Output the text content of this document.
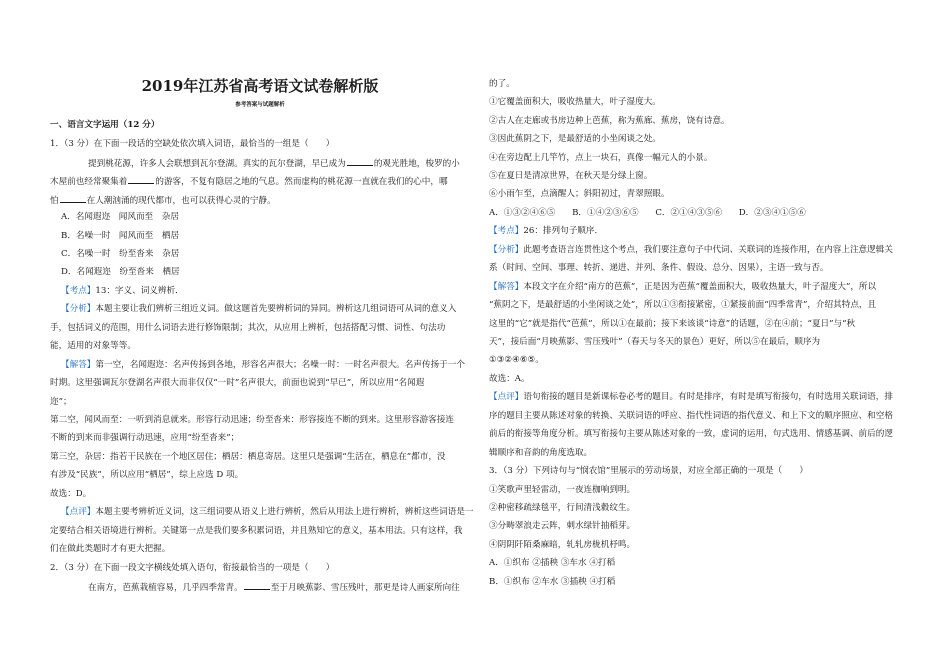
2019年江苏省高考语文试卷解析版
参考答案与试题解析
一、语言文字运用（12 分）
1．（3 分）在下面一段话的空缺处依次填入词语，最恰当的一组是（　　）
提到桃花源，许多人会联想到瓦尔登湖。真实的瓦尔登湖，早已成为	的观光胜地，梭罗的小
木屋前也经常聚集着	的游客，不复有隐居之地的气息。然而虚构的桃花源一直就在我们的心中，哪
怕	在人潮汹涌的现代都市，也可以获得心灵的宁静。
A．名闻遐迩　闻风而至　杂居
B．名噪一时　闻风而至　栖居
C．名噪一时　纷至沓来　杂居
D．名闻遐迩　纷至沓来　栖居
【考点】13：字义、词义辨析．
【分析】本题主要让我们辨析三组近义词。做这题首先要辨析词的异同。辨析这几组词语可从词的意义入
手，包括词义的范围，用什么词语去进行修饰限制；其次，从应用上辨析，包括搭配习惯、词性、句法功
能，适用的对象等等。
【解答】第一空，名闻遐迩：名声传扬到各地，形容名声很大；名噪一时：一时名声很大。名声传扬于一个
时期。这里强调瓦尔登湖名声很大而非仅仅“一时”名声很大，前面也说到“早已”，所以应用“名闻遐
迩”；
第二空，闻风而至：一听到消息就来。形容行动迅速；纷至沓来：形容接连不断的到来。这里形容游客接连
不断的到来而非强调行动迅速，应用“纷至沓来”；
第三空，杂居：指若干民族在一个地区居住；栖居：栖息寄居。这里只是强调“生活在，栖息在”都市，没
有涉及“民族”，所以应用“栖居”，综上应选 D 项。
故选：D。
【点评】本题主要考辨析近义词，这三组词要从语义上进行辨析，然后从用法上进行辨析，辨析这些词语是一
定要结合相关语境进行辨析。关键第一点是我们要多积累词语，并且熟知它的意义，基本用法。只有这样，我
们在做此类题时才有更大把握。
2．（3 分）在下面一段文字横线处填入语句，衔接最恰当的一项是（　　）
在南方，芭蕉栽植容易，几乎四季常青。	至于月映蕉影、雪压残叶，那更是诗人画家所向往
的了。
①它覆盖面积大，吸收热量大，叶子湿度大。
②古人在走廊或书房边种上芭蕉，称为蕉廊、蕉房，饶有诗意。
③因此蕉阴之下，是最舒适的小坐闲谈之处。
④在旁边配上几竿竹，点上一块石，真像一幅元人的小景。
⑤在夏日是清凉世界，在秋天是分绿上窗。
⑥小雨乍至，点滴醒人；斜阳初过，青翠照眼。
A．①③②④⑥⑤ B．①④②③⑥⑤ C．②①④③⑤⑥ D．②③④①⑤⑥
【考点】26：排列句子顺序．
【分析】此题考查语言连贯性这个考点，我们要注意句子中代词、关联词的连接作用，在内容上注意逻辑关
系（时间、空间、事理、转折、递进、并列、条件、假设、总分、因果），主语一致与否。
【解答】本段文字在介绍“南方的芭蕉”，正是因为芭蕉“覆盖面积大，吸收热量大，叶子湿度大”，所以
“蕉阴之下，是最舒适的小坐闲谈之处”，所以①③衔接紧密，①紧接前面“四季常青”，介绍其特点，且
这里的“它”就是指代“芭蕉”，所以①在最前；接下来该谈“诗意”的话题，②在④前；“夏日”与“秋
天”，接后面“月映蕉影、雪压残叶”（春天与冬天的景色）更好，所以⑤在最后，顺序为
①③②④⑥⑤。
故选：A。
【点评】语句衔接的题目是新课标卷必考的题目。有时是排序，有时是填写衔接句，有时选用关联词语，排
序的题目主要从陈述对象的转换、关联词语的呼应、指代性词语的指代意义、和上下文的顺序照应、和空格
前后的衔接等角度分析。填写衔接句主要从陈述对象的一致，虚词的运用，句式选用、情感基调、前后的逻
辑顺序和音韵的角度选取。
3．（3 分）下列诗句与“悯农馆”里展示的劳动场景，对应全部正确的一项是（　　）
①笑歌声里轻雷动，一夜连枷响到明。
②种密移疏绿毯平，行间清浅縠纹生。
③分畴翠浪走云阵，刺水绿针抽稻芽。
④阴阴阡陌桑麻暗，轧轧房栊机杼鸣。
A．①织布 ②插秧 ③车水 ④打稻
B．①织布 ②车水 ③插秧 ④打稻
